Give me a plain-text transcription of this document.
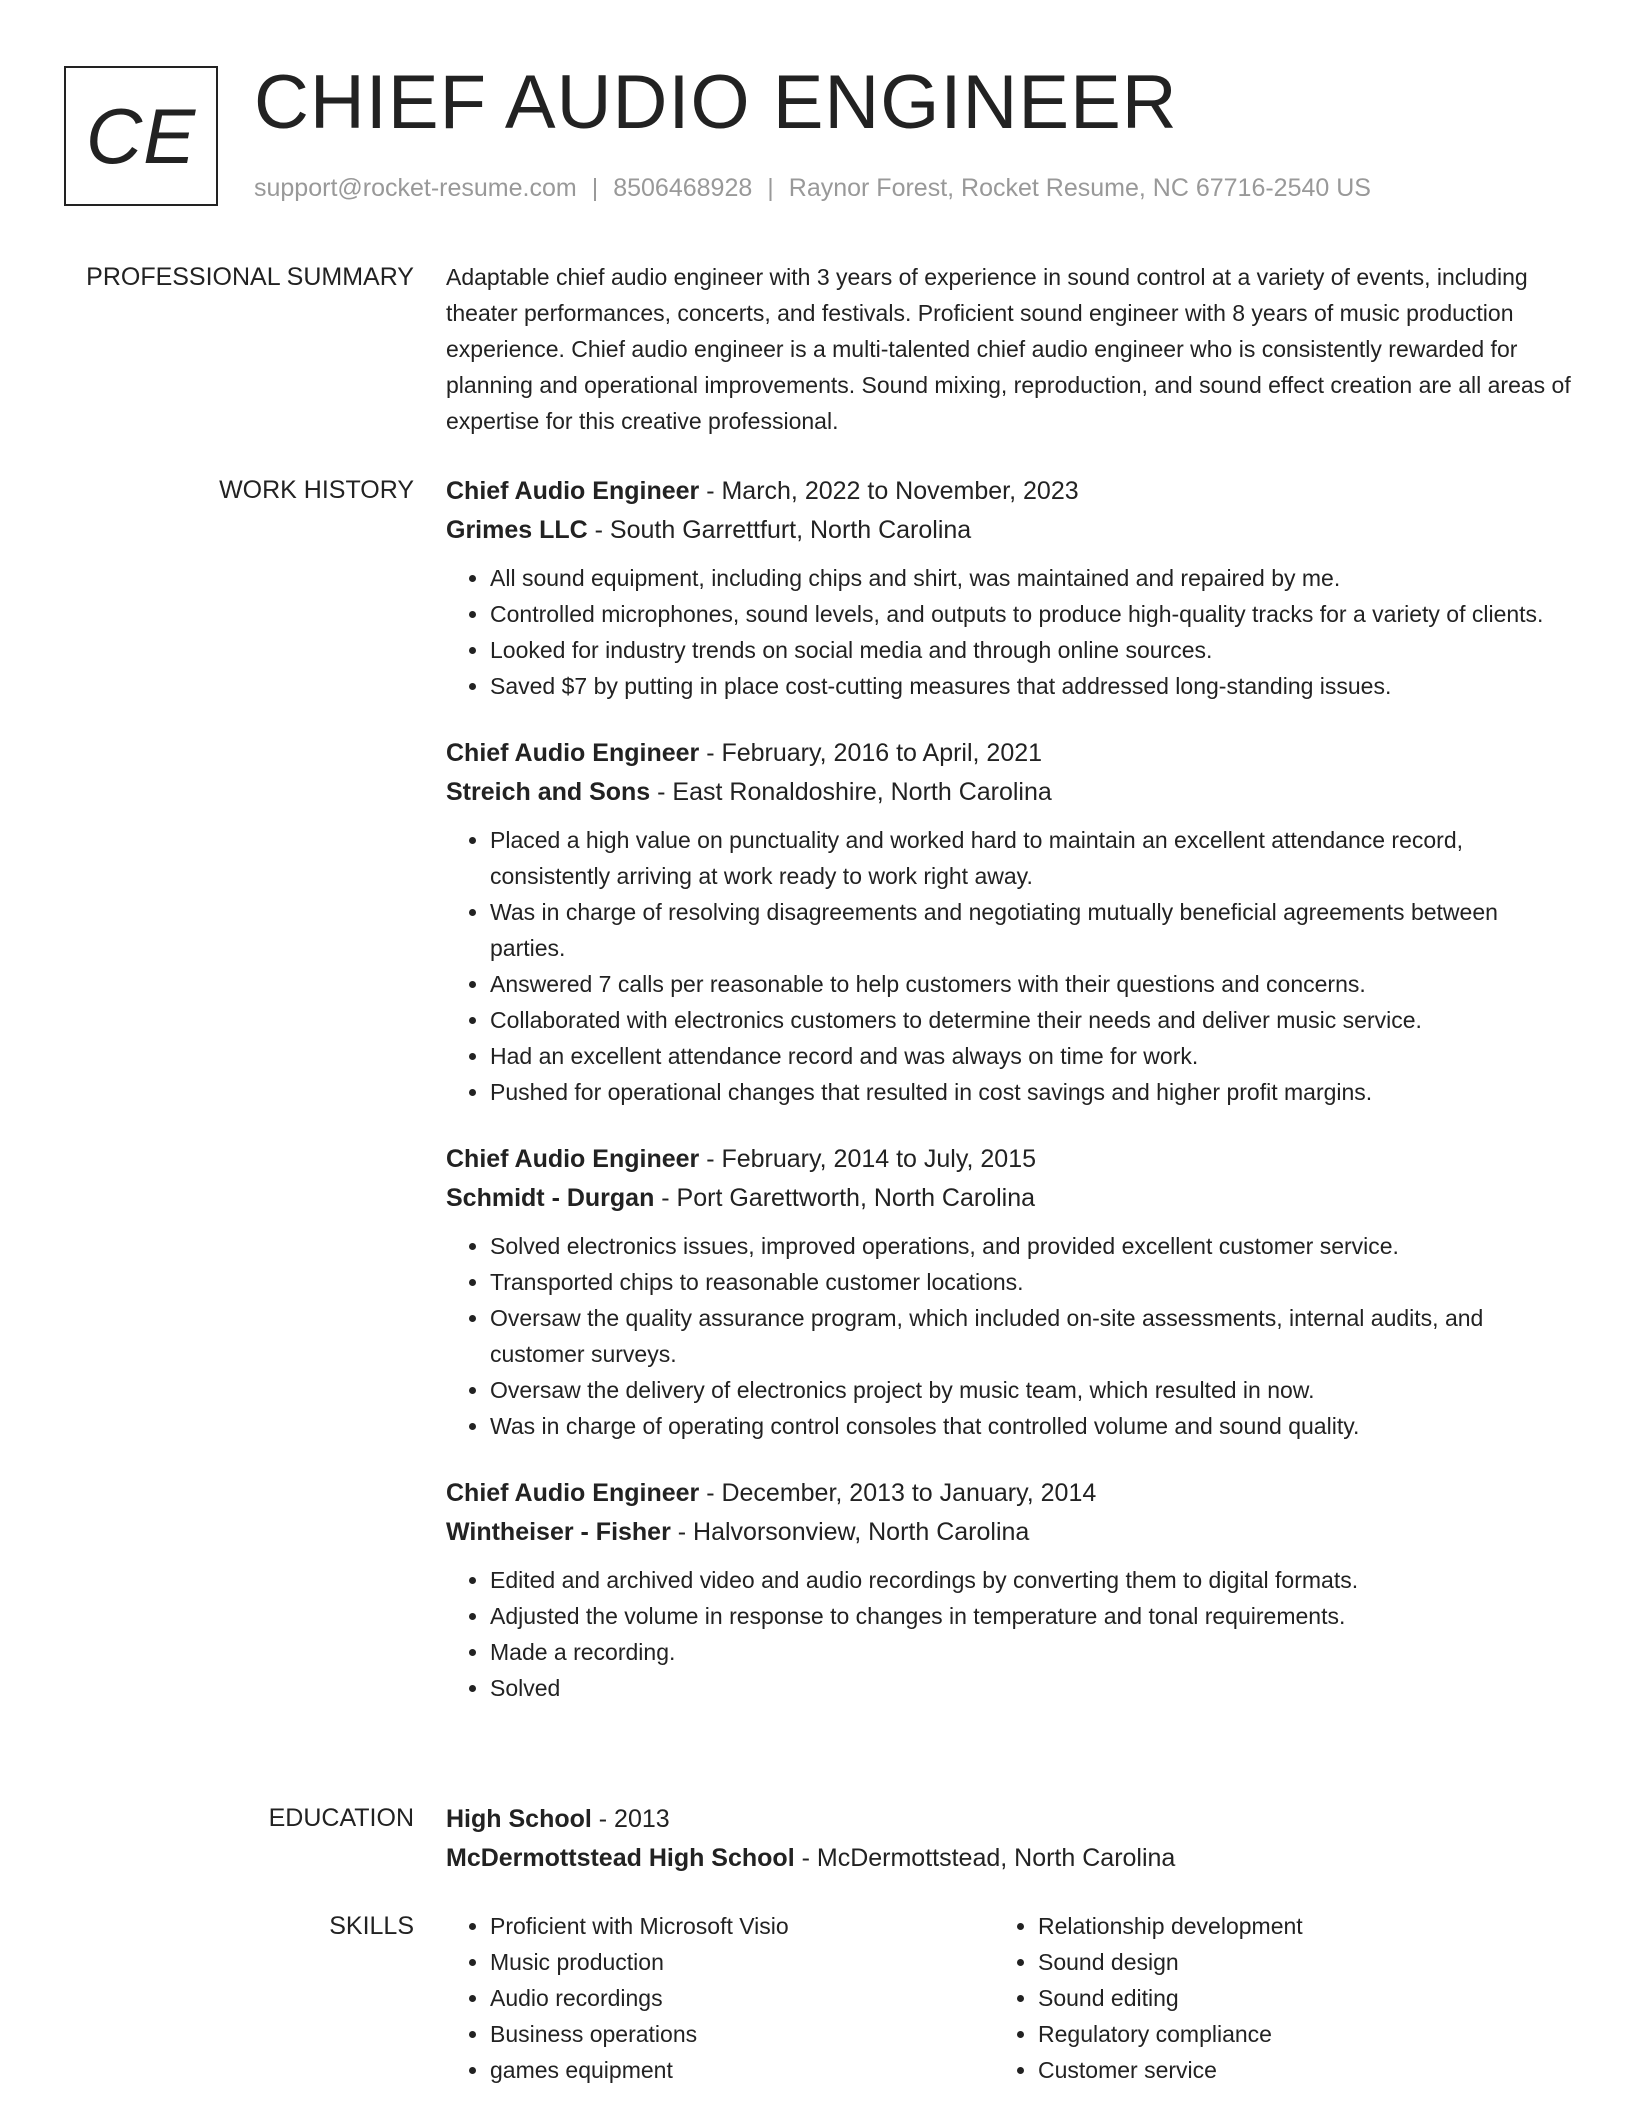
CE CHIEF AUDIO ENGINEER
support@rocket-resume.com | 8506468928 | Raynor Forest, Rocket Resume, NC 67716-2540 US
PROFESSIONAL SUMMARY Adaptable chief audio engineer with 3 years of experience in sound control at a variety of events, including theater performances, concerts, and festivals. Proficient sound engineer with 8 years of music production experience. Chief audio engineer is a multi-talented chief audio engineer who is consistently rewarded for planning and operational improvements. Sound mixing, reproduction, and sound effect creation are all areas of expertise for this creative professional.

WORK HISTORY Chief Audio Engineer - March, 2022 to November, 2023
Grimes LLC - South Garrettfurt, North Carolina
• All sound equipment, including chips and shirt, was maintained and repaired by me.
• Controlled microphones, sound levels, and outputs to produce high-quality tracks for a variety of clients.
• Looked for industry trends on social media and through online sources.
• Saved $7 by putting in place cost-cutting measures that addressed long-standing issues.
Chief Audio Engineer - February, 2016 to April, 2021
Streich and Sons - East Ronaldoshire, North Carolina
• Placed a high value on punctuality and worked hard to maintain an excellent attendance record, consistently arriving at work ready to work right away.
• Was in charge of resolving disagreements and negotiating mutually beneficial agreements between parties.
• Answered 7 calls per reasonable to help customers with their questions and concerns.
• Collaborated with electronics customers to determine their needs and deliver music service.
• Had an excellent attendance record and was always on time for work.
• Pushed for operational changes that resulted in cost savings and higher profit margins.
Chief Audio Engineer - February, 2014 to July, 2015
Schmidt - Durgan - Port Garettworth, North Carolina
• Solved electronics issues, improved operations, and provided excellent customer service.
• Transported chips to reasonable customer locations.
• Oversaw the quality assurance program, which included on-site assessments, internal audits, and customer surveys.
• Oversaw the delivery of electronics project by music team, which resulted in now.
• Was in charge of operating control consoles that controlled volume and sound quality.
Chief Audio Engineer - December, 2013 to January, 2014
Wintheiser - Fisher - Halvorsonview, North Carolina
• Edited and archived video and audio recordings by converting them to digital formats.
• Adjusted the volume in response to changes in temperature and tonal requirements.
• Made a recording.
• Solved
EDUCATION High School - 2013
McDermottstead High School - McDermottstead, North Carolina
SKILLS
•	Proficient with Microsoft Visio
• Music production
• Audio recordings
• Business operations
• games equipment
• Relationship development
• Sound design
• Sound editing
• Regulatory compliance
• Customer service
